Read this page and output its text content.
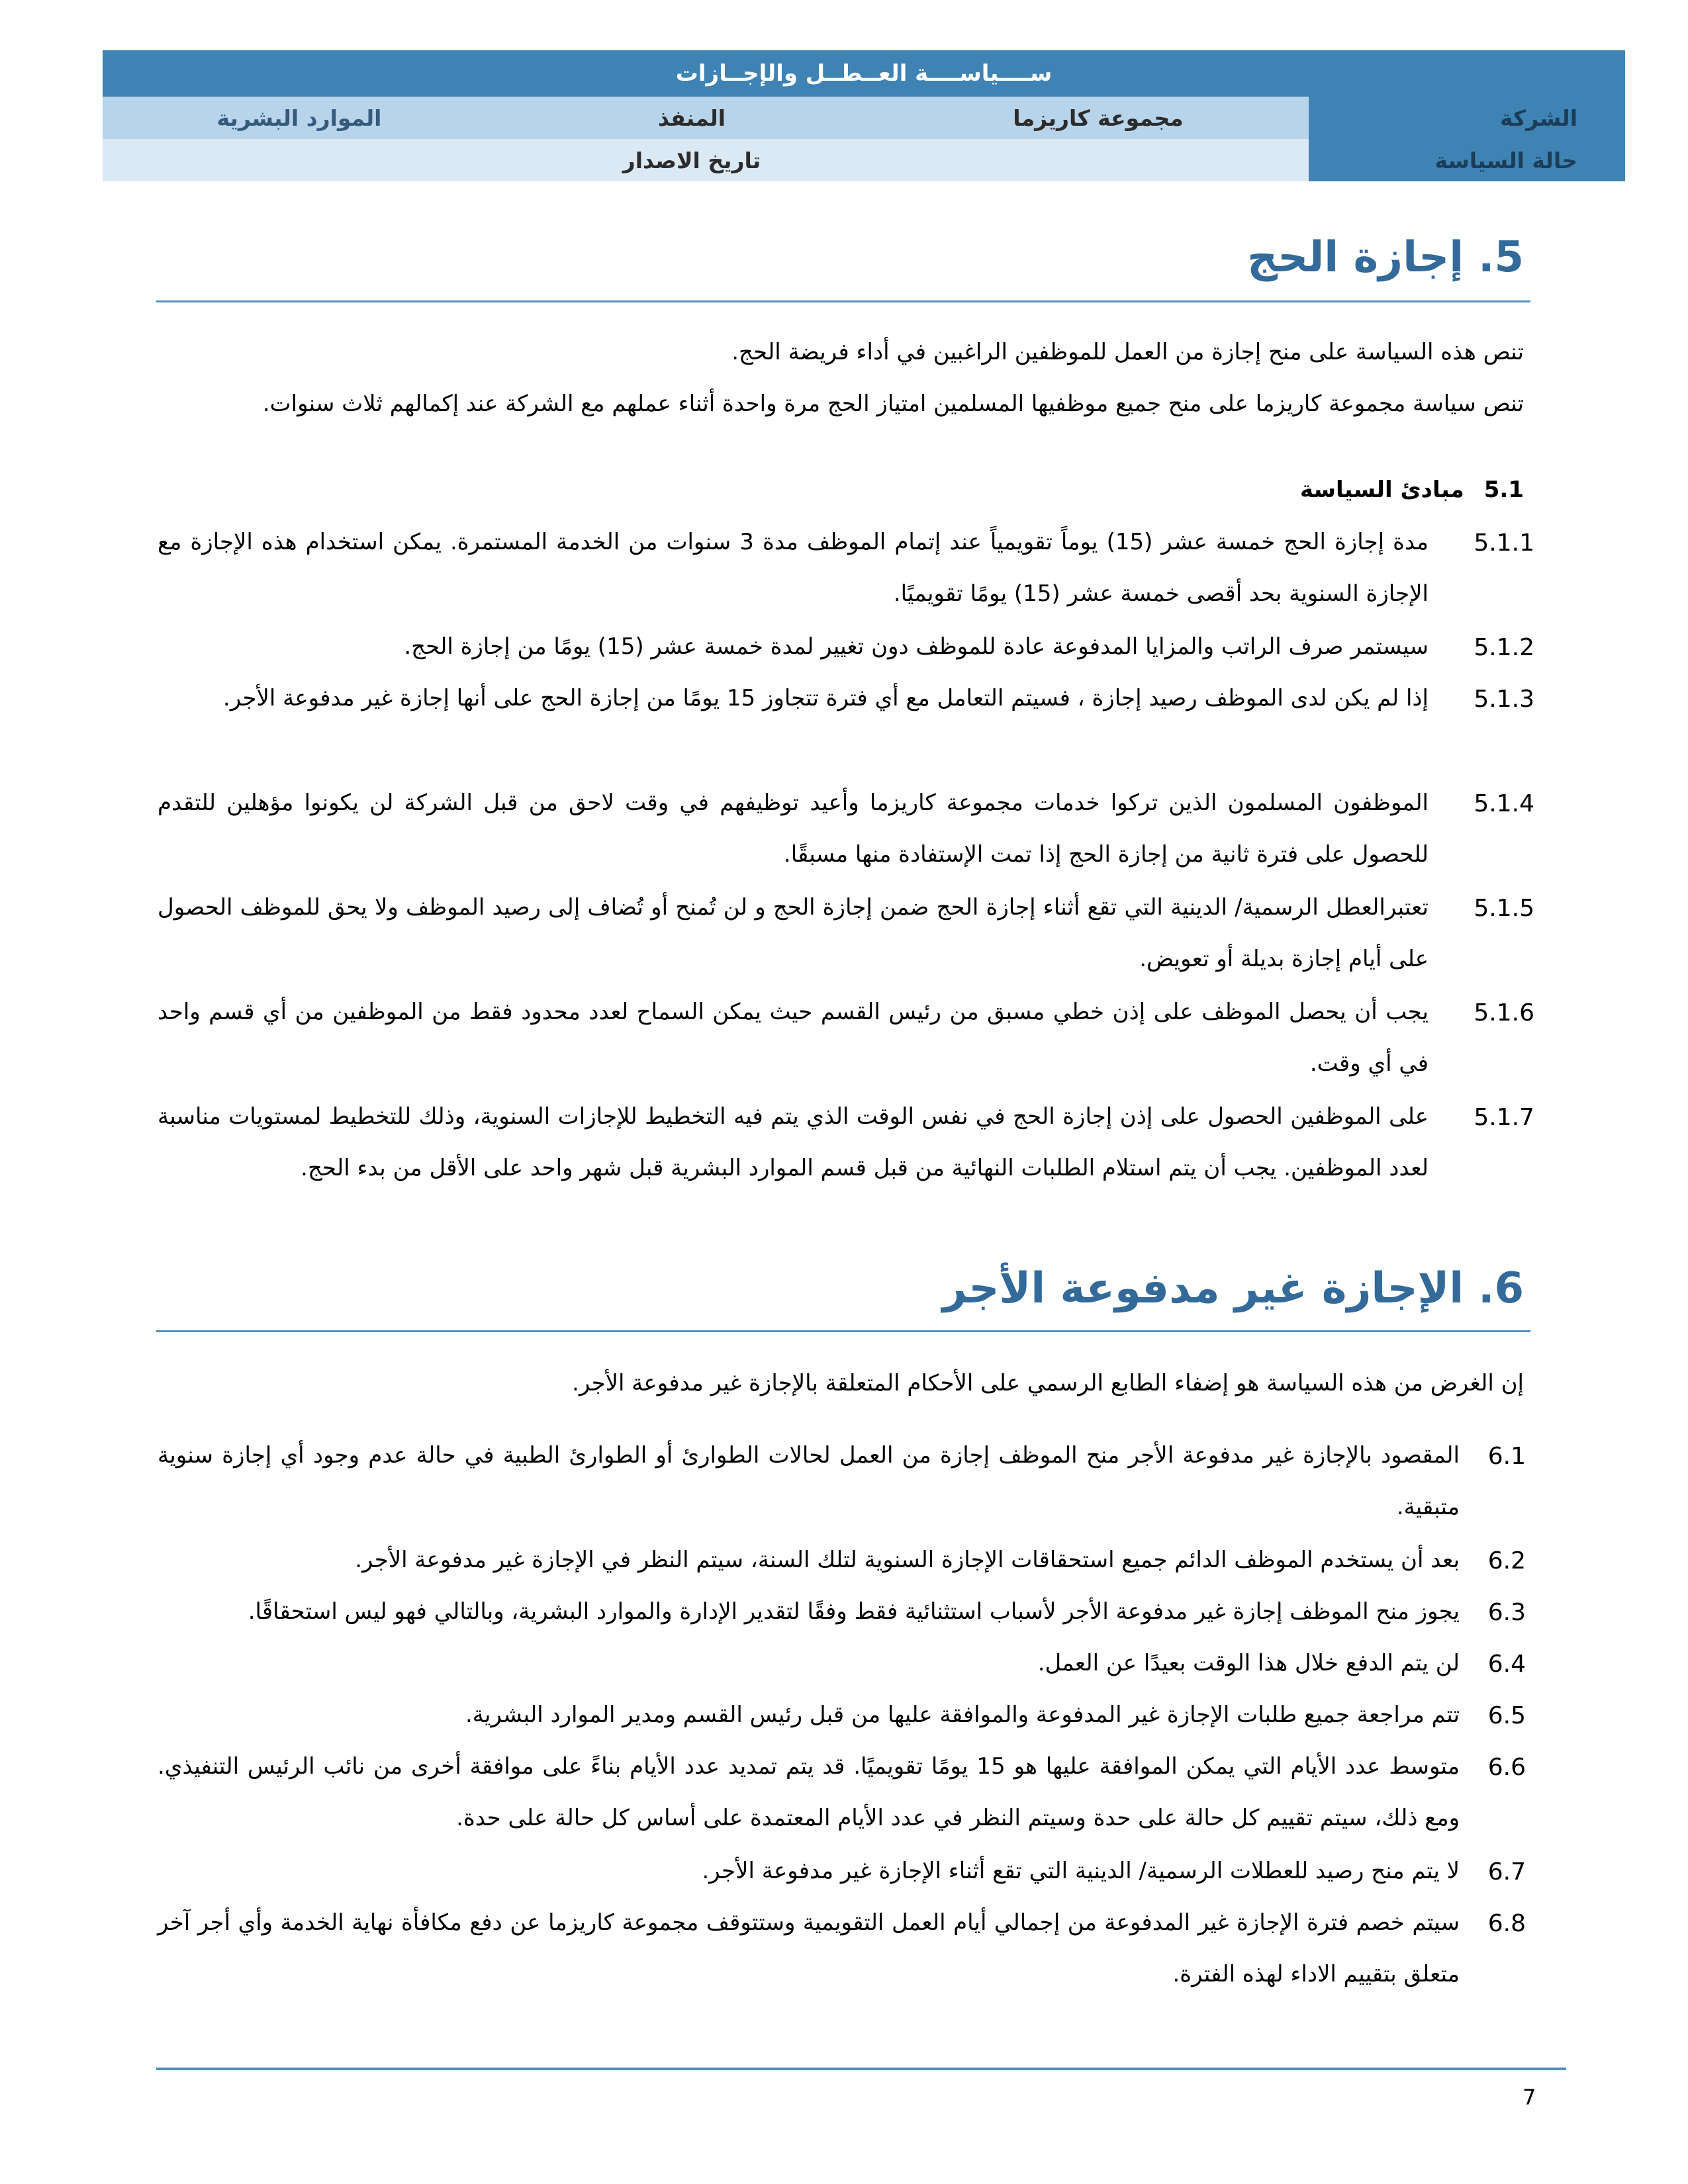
ســــياســــة العــطــل والإجــازات
الشركة
مجموعة كاريزما
المنفذ
الموارد البشرية
حالة السياسة
تاريخ الاصدار
5.
إجازة الحج
تنص هذه السياسة على منح إجازة من العمل للموظفين الراغبين في أداء فريضة الحج.
تنص سياسة مجموعة كاريزما على منح جميع موظفيها المسلمين امتياز الحج مرة واحدة أثناء عملهم مع الشركة عند إكمالهم ثلاث سنوات.
5.1
مبادئ السياسة
5.1.1
مدة إجازة الحج خمسة عشر (15) يوماً تقويمياً عند إتمام الموظف مدة 3 سنوات من الخدمة المستمرة. يمكن استخدام هذه الإجازة مع الإجازة السنوية بحد أقصى خمسة عشر (15) يومًا تقويميًا.
5.1.2
سيستمر صرف الراتب والمزايا المدفوعة عادة للموظف دون تغيير لمدة خمسة عشر (15) يومًا من إجازة الحج.
5.1.3
إذا لم يكن لدى الموظف رصيد إجازة ، فسيتم التعامل مع أي فترة تتجاوز 15 يومًا من إجازة الحج على أنها إجازة غير مدفوعة الأجر.
5.1.4
الموظفون المسلمون الذين تركوا خدمات مجموعة كاريزما وأعيد توظيفهم في وقت لاحق من قبل الشركة لن يكونوا مؤهلين للتقدم للحصول على فترة ثانية من إجازة الحج إذا تمت الإستفادة منها مسبقًا.
5.1.5
تعتبرالعطل الرسمية/ الدينية التي تقع أثناء إجازة الحج ضمن إجازة الحج و لن تُمنح أو تُضاف إلى رصيد الموظف ولا يحق للموظف الحصول على أيام إجازة بديلة أو تعويض.
5.1.6
يجب أن يحصل الموظف على إذن خطي مسبق من رئيس القسم حيث يمكن السماح لعدد محدود فقط من الموظفين من أي قسم واحد في أي وقت.
5.1.7
على الموظفين الحصول على إذن إجازة الحج في نفس الوقت الذي يتم فيه التخطيط للإجازات السنوية، وذلك للتخطيط لمستويات مناسبة لعدد الموظفين. يجب أن يتم استلام الطلبات النهائية من قبل قسم الموارد البشرية قبل شهر واحد على الأقل من بدء الحج.
6.
الإجازة غير مدفوعة الأجر
إن الغرض من هذه السياسة هو إضفاء الطابع الرسمي على الأحكام المتعلقة بالإجازة غير مدفوعة الأجر.
6.1
المقصود بالإجازة غير مدفوعة الأجر منح الموظف إجازة من العمل لحالات الطوارئ أو الطوارئ الطبية في حالة عدم وجود أي إجازة سنوية متبقية.
6.2
بعد أن يستخدم الموظف الدائم جميع استحقاقات الإجازة السنوية لتلك السنة، سيتم النظر في الإجازة غير مدفوعة الأجر.
6.3
يجوز منح الموظف إجازة غير مدفوعة الأجر لأسباب استثنائية فقط وفقًا لتقدير الإدارة والموارد البشرية، وبالتالي فهو ليس استحقاقًا.
6.4
لن يتم الدفع خلال هذا الوقت بعيدًا عن العمل.
6.5
تتم مراجعة جميع طلبات الإجازة غير المدفوعة والموافقة عليها من قبل رئيس القسم ومدير الموارد البشرية.
6.6
متوسط عدد الأيام التي يمكن الموافقة عليها هو 15 يومًا تقويميًا. قد يتم تمديد عدد الأيام بناءً على موافقة أخرى من نائب الرئيس التنفيذي. ومع ذلك، سيتم تقييم كل حالة على حدة وسيتم النظر في عدد الأيام المعتمدة على أساس كل حالة على حدة.
6.7
لا يتم منح رصيد للعطلات الرسمية/ الدينية التي تقع أثناء الإجازة غير مدفوعة الأجر.
6.8
سيتم خصم فترة الإجازة غير المدفوعة من إجمالي أيام العمل التقويمية وستتوقف مجموعة كاريزما عن دفع مكافأة نهاية الخدمة وأي أجر آخر متعلق بتقييم الاداء لهذه الفترة.
7
